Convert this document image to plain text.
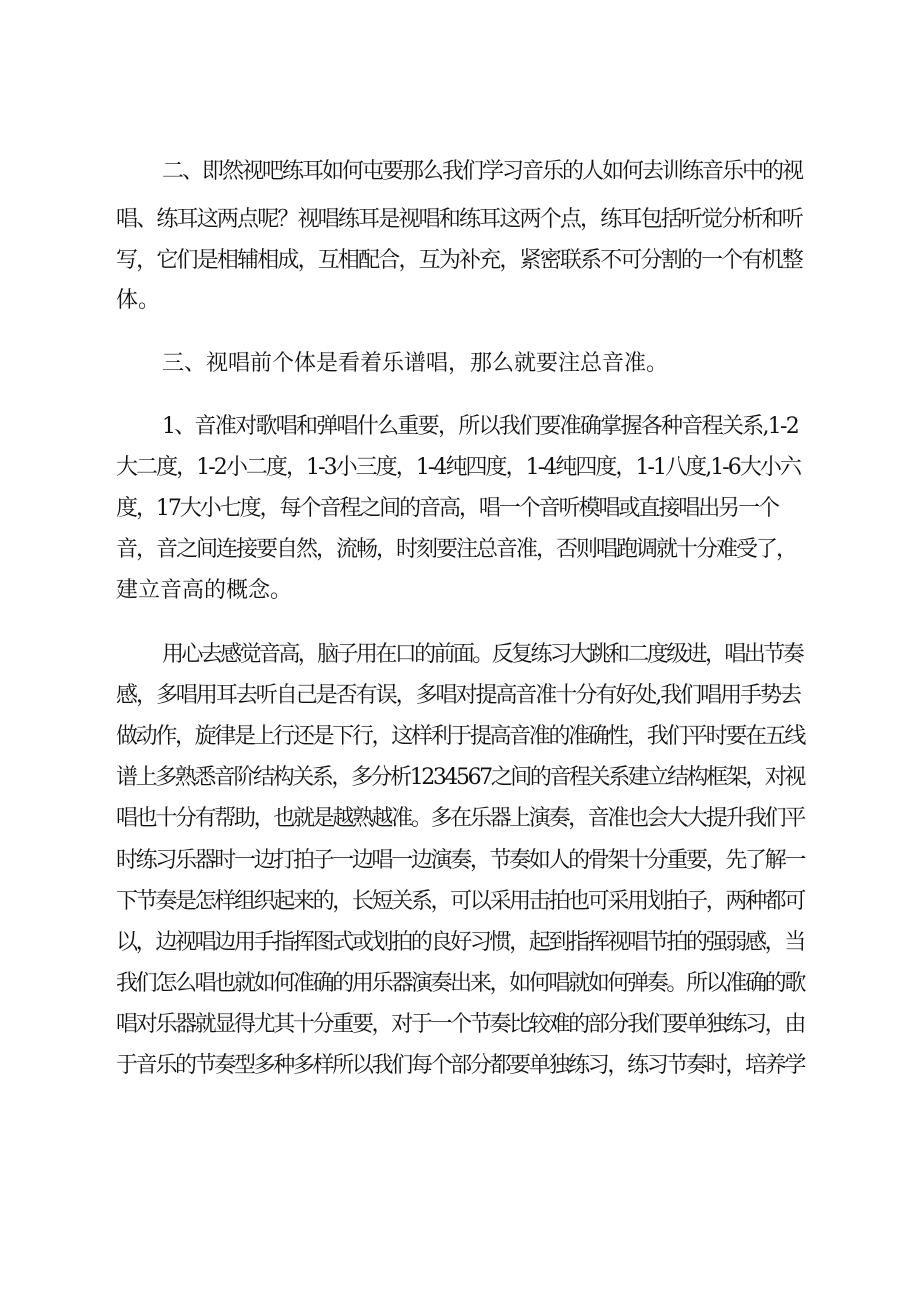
二、即然视吧练耳如何屯要那么我们学习音乐的人如何去训练音乐中的视

唱、练耳这两点呢？视唱练耳是视唱和练耳这两个点，练耳包括听觉分析和听

写，它们是相辅相成，互相配合，互为补充，紧密联系不可分割的一个有机整

体。

三、视唱前个体是看着乐谱唱，那么就要注总音准。

1、音准对歌唱和弹唱什么重要，所以我们要准确掌握各种音程关系,1-2

大二度，1-2小二度，1-3小三度，1-4纯四度，1-4纯四度，1-1八度,1-6大小六

度，17大小七度，每个音程之间的音高，唱一个音听模唱或直接唱出另一个

音，音之间连接要自然，流畅，时刻要注总音准，否则唱跑调就十分难受了，

建立音高的概念。

用心去感觉音高，脑子用在口的前面。反复练习大跳和二度级进，唱出节奏

感，多唱用耳去听自己是否有误，多唱对提高音准十分有好处,我们唱用手势去

做动作，旋律是上行还是下行，这样利于提高音准的准确性，我们平时要在五线

谱上多熟悉音阶结构关系，多分析1234567之间的音程关系建立结构框架，对视

唱也十分有帮助，也就是越熟越准。多在乐器上演奏，音准也会大大提升我们平

时练习乐器时一边打拍子一边唱一边演奏，节奏如人的骨架十分重要，先了解一

下节奏是怎样组织起来的，长短关系，可以采用击拍也可采用划拍子，两种都可

以，边视唱边用手指挥图式或划拍的良好习惯，起到指挥视唱节拍的强弱感，当

我们怎么唱也就如何准确的用乐器演奏出来，如何唱就如何弹奏。所以准确的歌

唱对乐器就显得尤其十分重要，对于一个节奏比较难的部分我们要单独练习，由

于音乐的节奏型多种多样所以我们每个部分都要单独练习，练习节奏时，培养学
